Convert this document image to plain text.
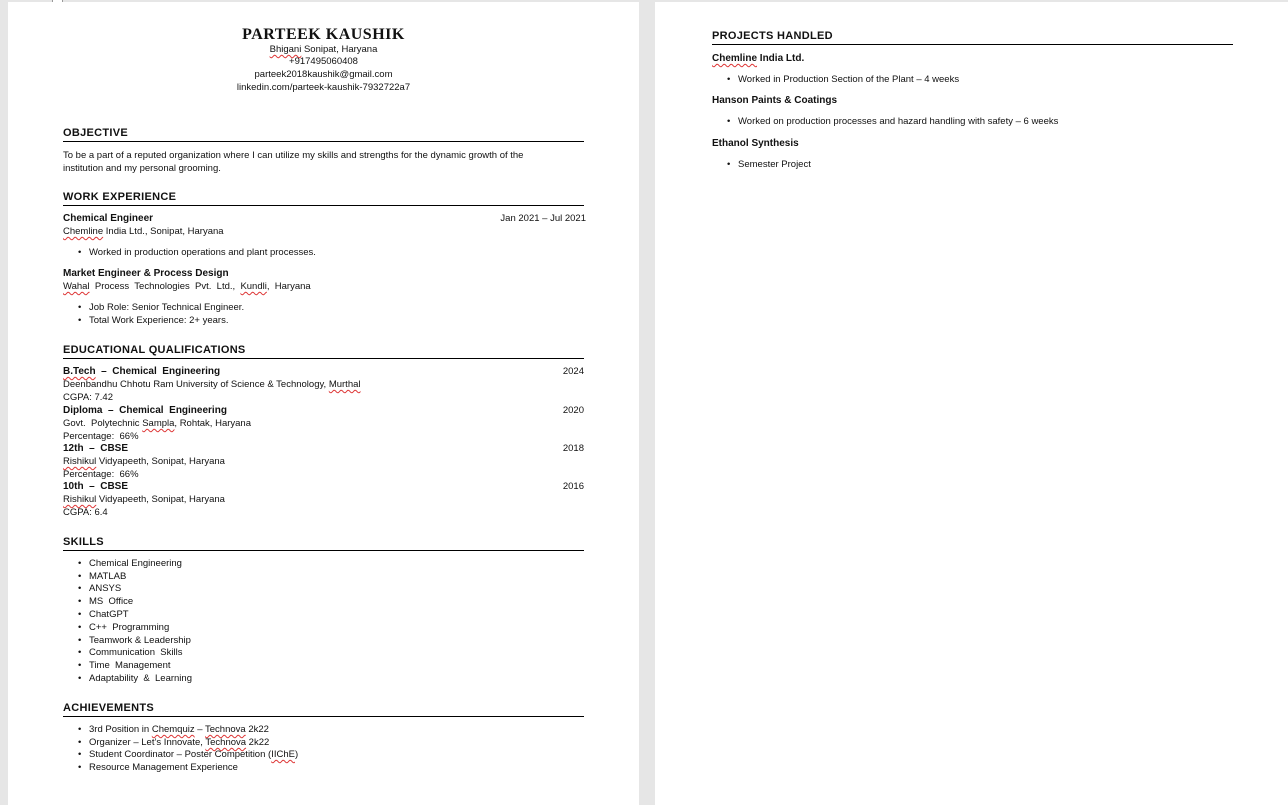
PARTEEK KAUSHIK
Bhigani Sonipat, Haryana
+917495060408
parteek2018kaushik@gmail.com
linkedin.com/parteek-kaushik-7932722a7
OBJECTIVE
To be a part of a reputed organization where I can utilize my skills and strengths for the dynamic growth of the
institution and my personal grooming.
WORK EXPERIENCE
Chemical Engineer	Jan 2021 – Jul 2021
Chemline India Ltd., Sonipat, Haryana
• Worked in production operations and plant processes.
Market Engineer & Process Design
Wahal  Process  Technologies  Pvt.  Ltd.,  Kundli,  Haryana
• Job Role: Senior Technical Engineer.
• Total Work Experience: 2+ years.
EDUCATIONAL QUALIFICATIONS
B.Tech  –  Chemical  Engineering	2024
Deenbandhu Chhotu Ram University of Science & Technology, Murthal
CGPA: 7.42
Diploma  –  Chemical  Engineering	2020
Govt.  Polytechnic Sampla, Rohtak, Haryana
Percentage:  66%
12th  –  CBSE	2018
Rishikul Vidyapeeth, Sonipat, Haryana
Percentage:  66%
10th  –  CBSE	2016
Rishikul Vidyapeeth, Sonipat, Haryana
CGPA: 6.4
SKILLS
• Chemical Engineering
• MATLAB
• ANSYS
• MS  Office
• ChatGPT
• C++  Programming
• Teamwork & Leadership
• Communication  Skills
• Time  Management
• Adaptability  &  Learning
ACHIEVEMENTS
• 3rd Position in Chemquiz – Technova 2k22
• Organizer – Let’s Innovate, Technova 2k22
• Student Coordinator – Poster Competition (IIChE)
• Resource Management Experience
PROJECTS HANDLED
Chemline India Ltd.
• Worked in Production Section of the Plant – 4 weeks
Hanson Paints & Coatings
• Worked on production processes and hazard handling with safety – 6 weeks
Ethanol Synthesis
• Semester Project
